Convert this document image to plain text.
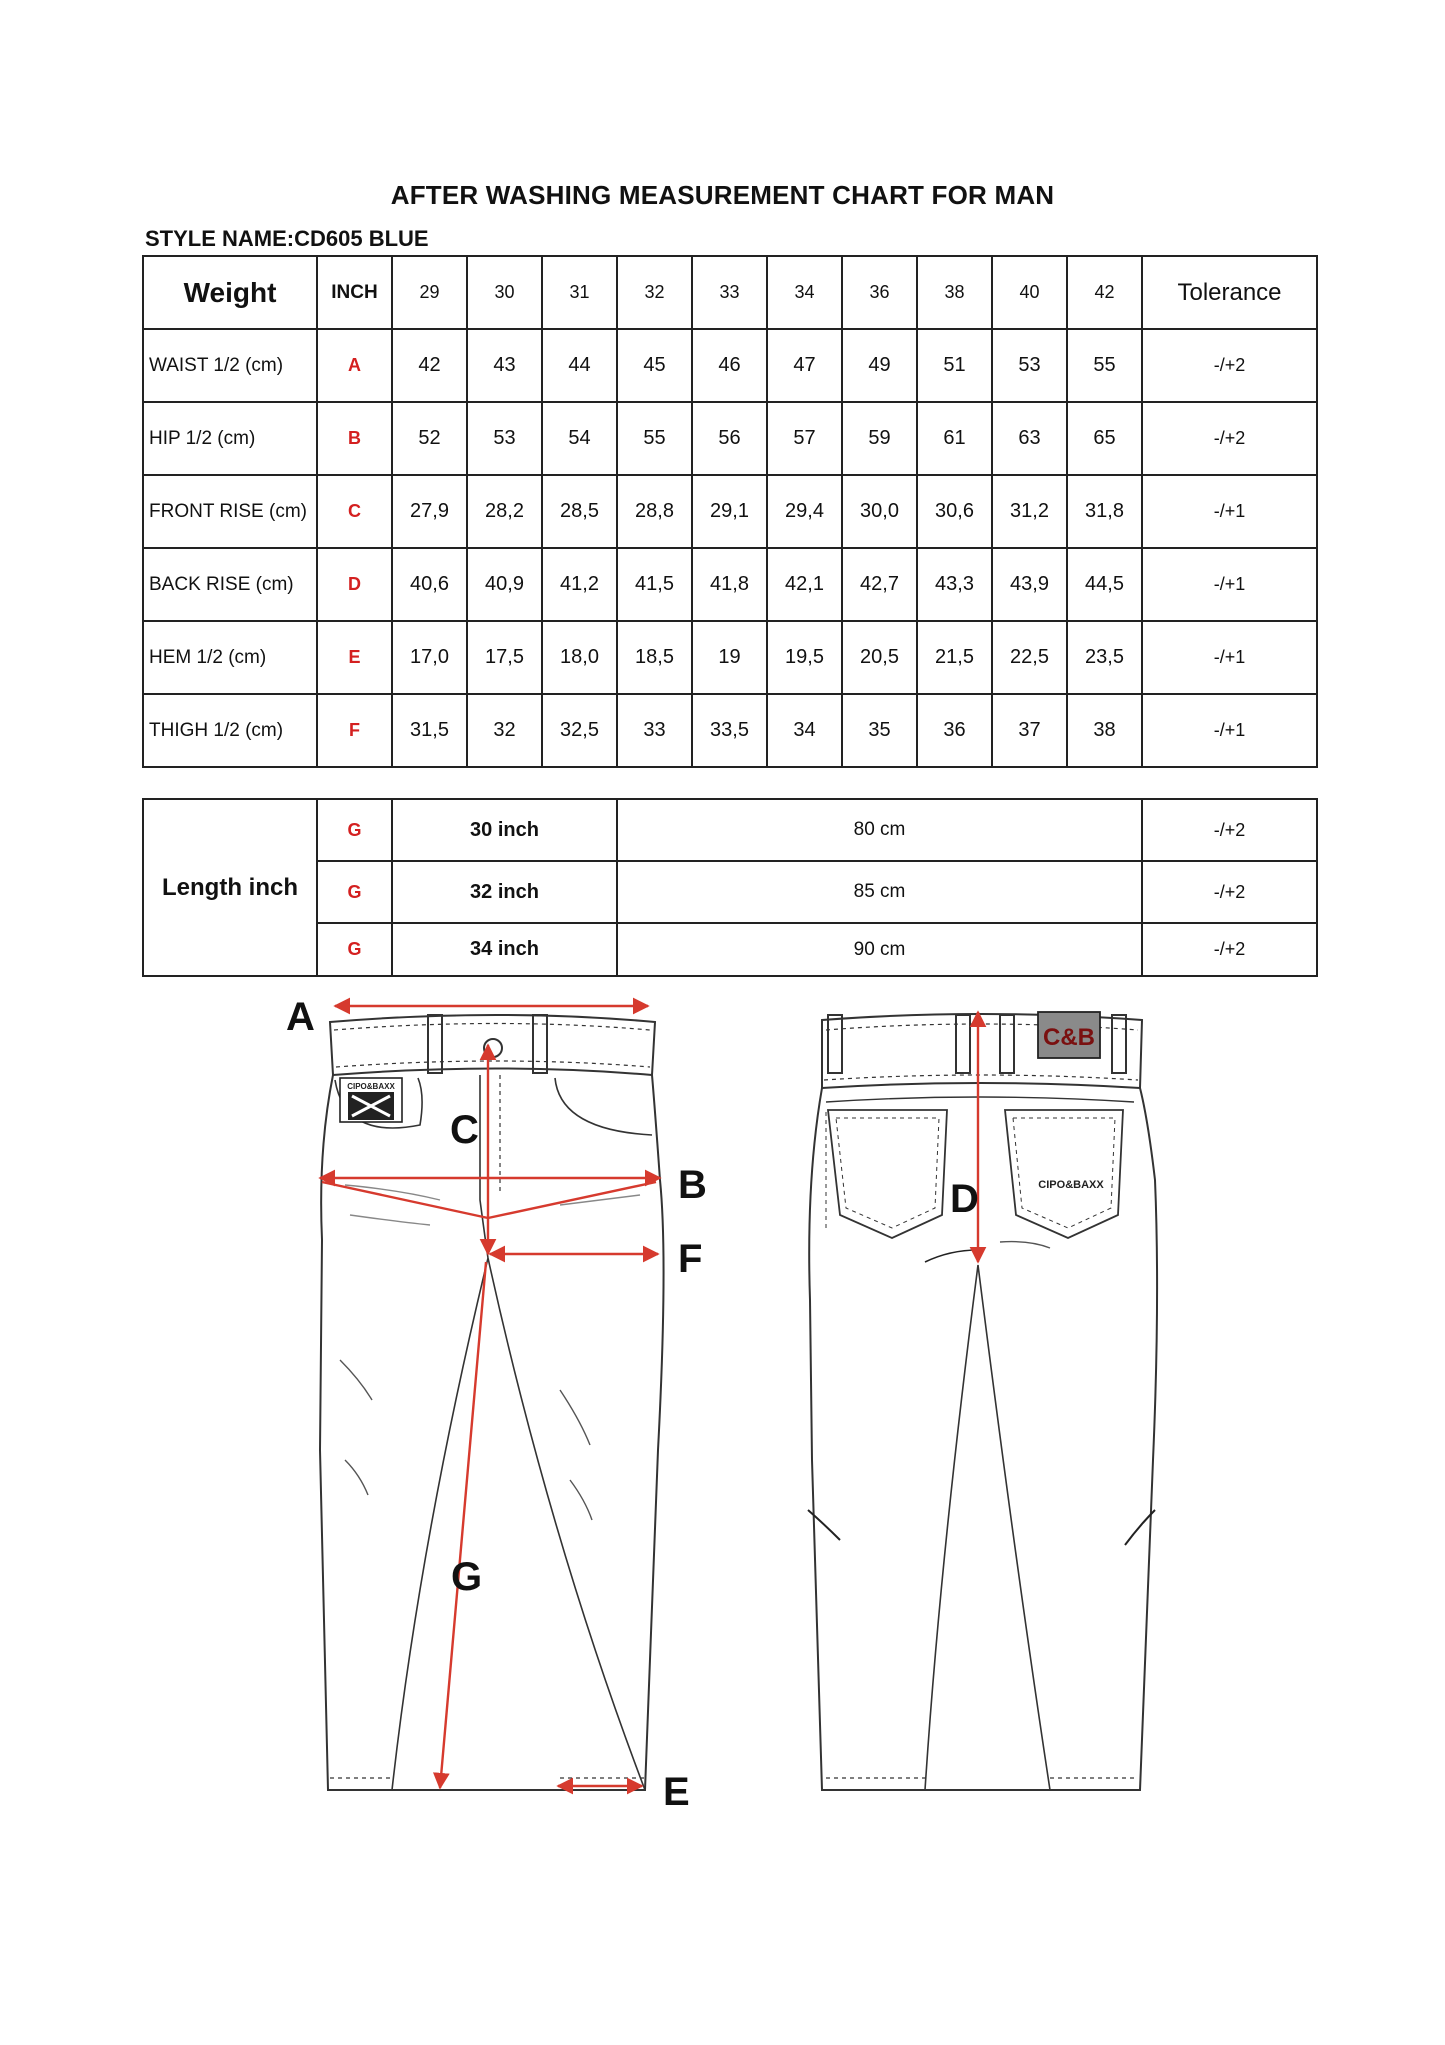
AFTER WASHING MEASUREMENT CHART FOR MAN
STYLE NAME:CD605 BLUE
Weight	INCH	29	30	31	32	33	34	36	38	40	42	Tolerance
WAIST 1/2 (cm)	A	42	43	44	45	46	47	49	51	53	55	-/+2
HIP 1/2 (cm)	B	52	53	54	55	56	57	59	61	63	65	-/+2
FRONT RISE (cm)	C	27,9	28,2	28,5	28,8	29,1	29,4	30,0	30,6	31,2	31,8	-/+1
BACK RISE (cm)	D	40,6	40,9	41,2	41,5	41,8	42,1	42,7	43,3	43,9	44,5	-/+1
HEM 1/2 (cm)	E	17,0	17,5	18,0	18,5	19	19,5	20,5	21,5	22,5	23,5	-/+1
THIGH 1/2 (cm)	F	31,5	32	32,5	33	33,5	34	35	36	37	38	-/+1
Length inch	G	30 inch	80 cm	-/+2
	G	32 inch	85 cm	-/+2
	G	34 inch	90 cm	-/+2
CIPO&BAXX
A
B
C
E
F
G
C&B
CIPO&BAXX
D
